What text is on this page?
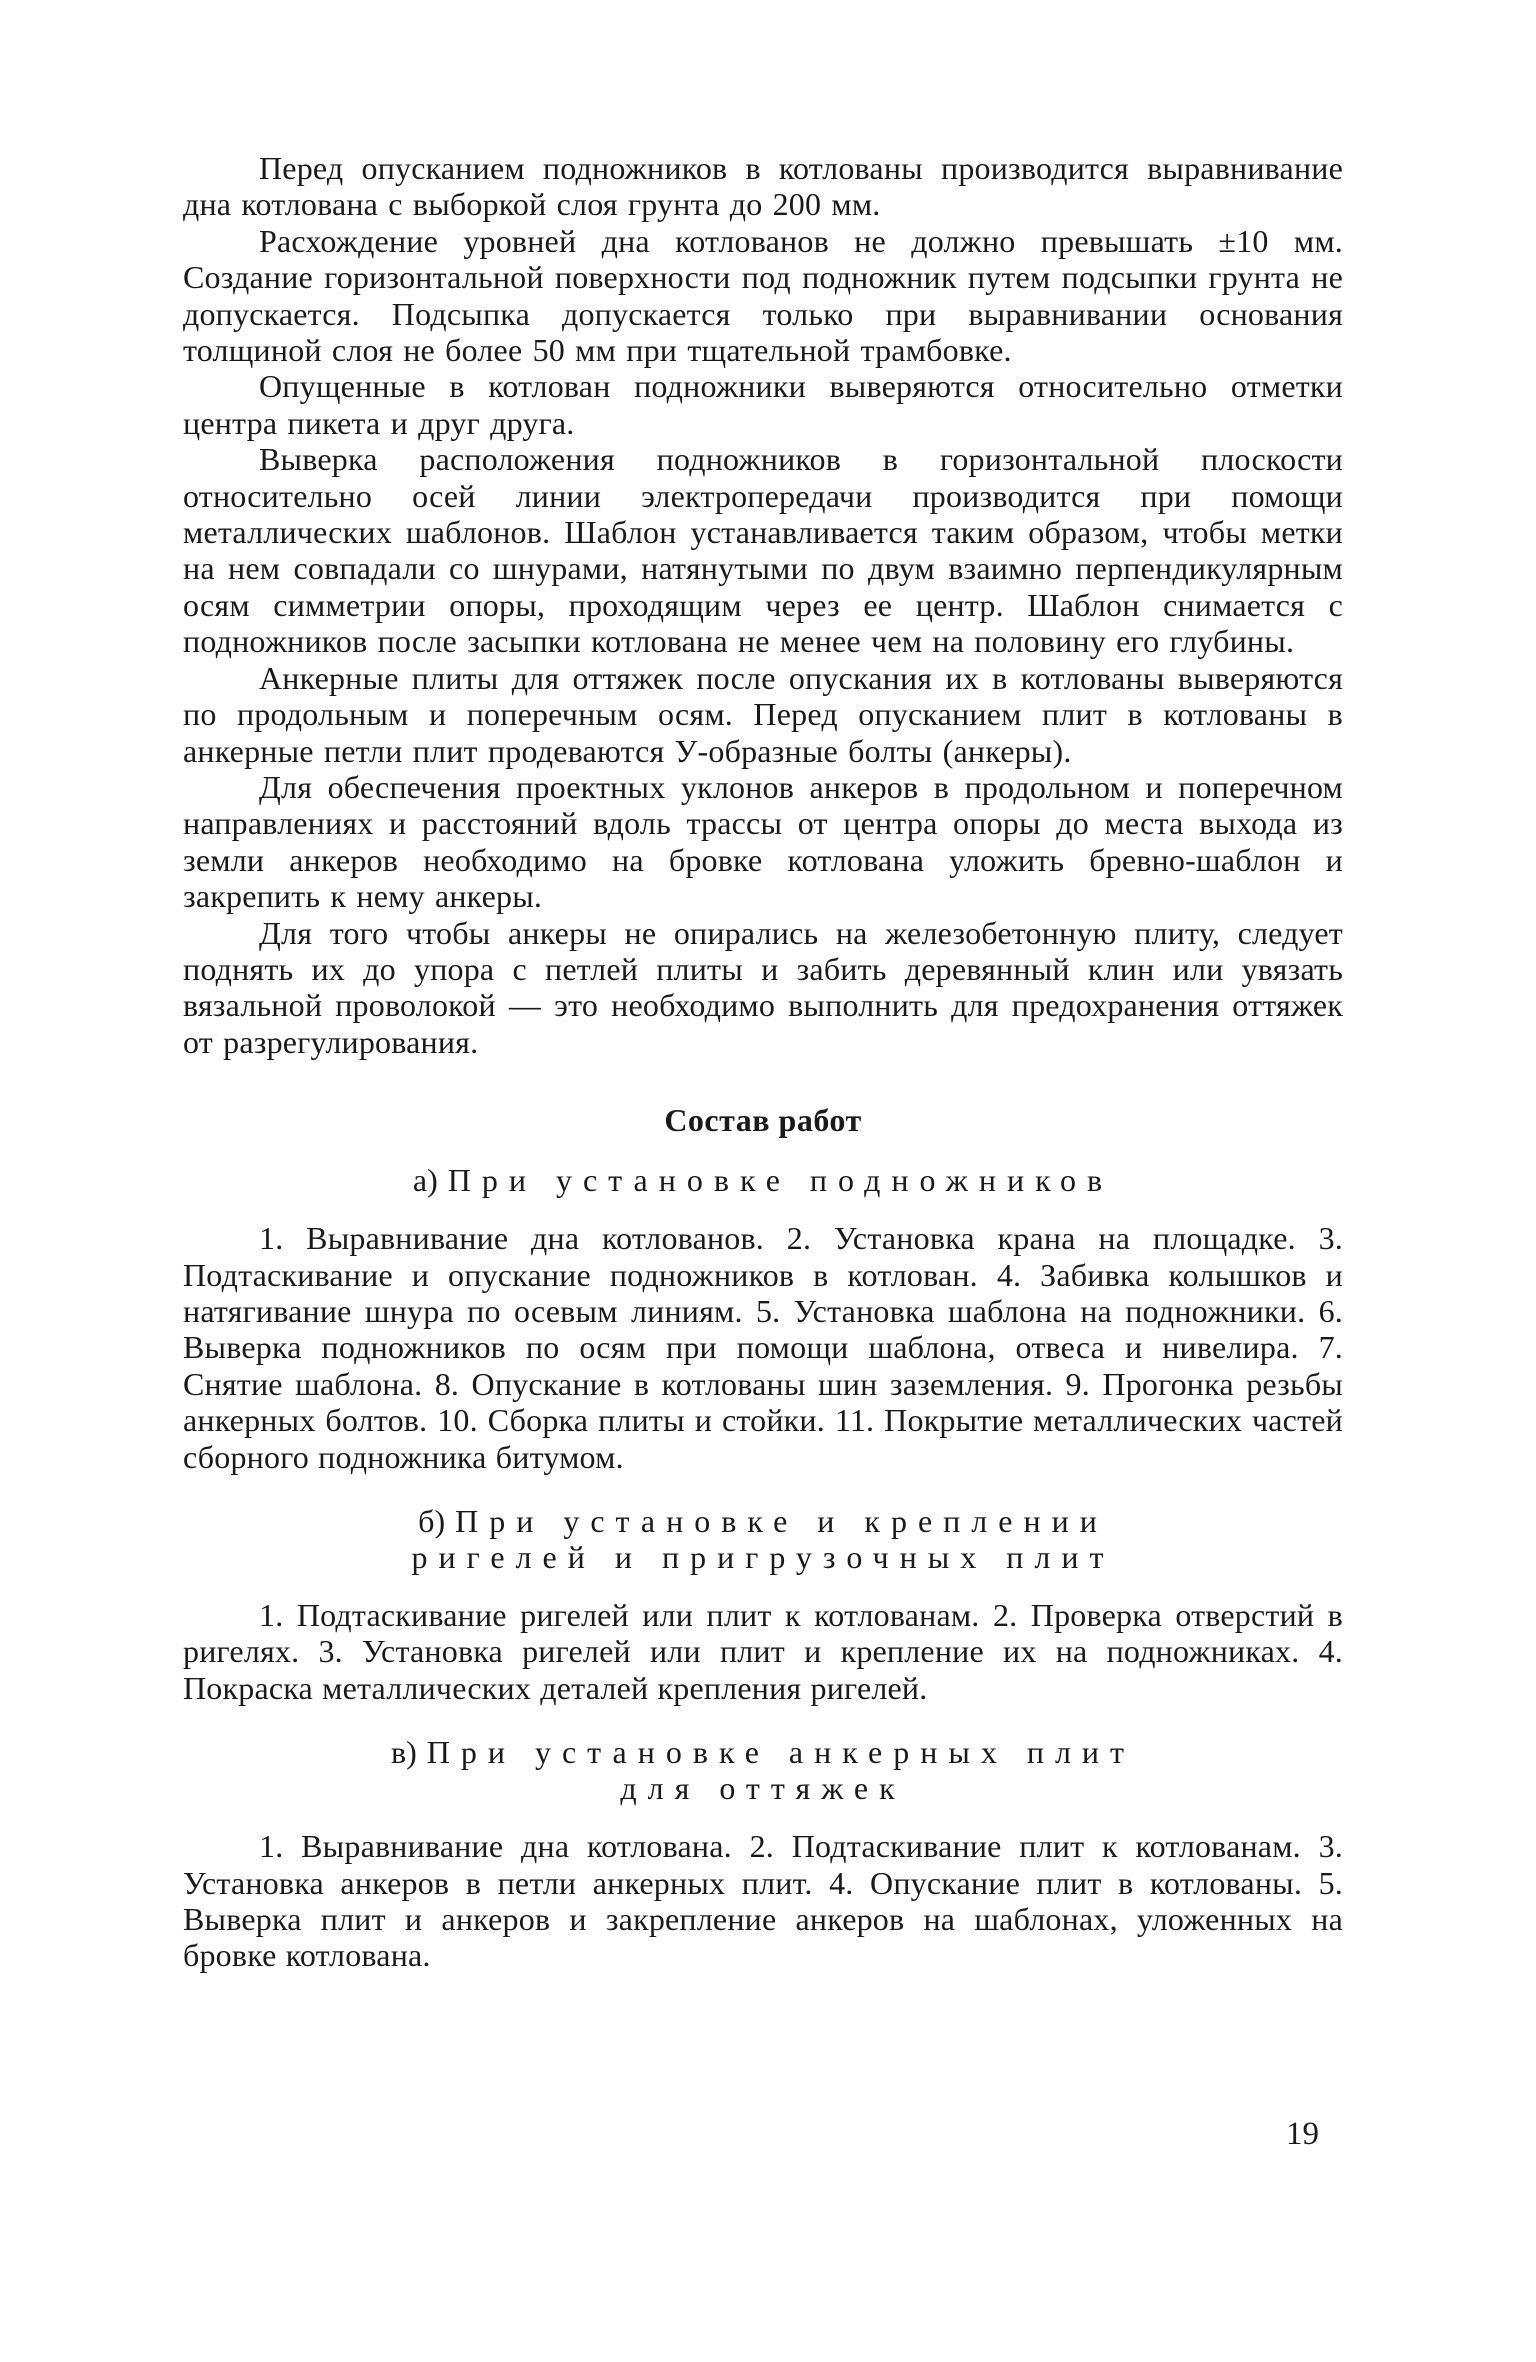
Перед опусканием подножников в котлованы производится выравнивание дна котлована с выборкой слоя грунта до 200 мм.

Расхождение уровней дна котлованов не должно превышать ±10 мм. Создание горизонтальной поверхности под подножник путем подсыпки грунта не допускается. Подсыпка допускается только при выравнивании основания толщиной слоя не более 50 мм при тщательной трамбовке.

Опущенные в котлован подножники выверяются относительно отметки центра пикета и друг друга.

Выверка расположения подножников в горизонтальной плоскости относительно осей линии электропередачи производится при помощи металлических шаблонов. Шаблон устанавливается таким образом, чтобы метки на нем совпадали со шнурами, натянутыми по двум взаимно перпендикулярным осям симметрии опоры, проходящим через ее центр. Шаблон снимается с подножников после засыпки котлована не менее чем на половину его глубины.

Анкерные плиты для оттяжек после опускания их в котлованы выверяются по продольным и поперечным осям. Перед опусканием плит в котлованы в анкерные петли плит продеваются У-образные болты (анкеры).

Для обеспечения проектных уклонов анкеров в продольном и поперечном направлениях и расстояний вдоль трассы от центра опоры до места выхода из земли анкеров необходимо на бровке котлована уложить бревно-шаблон и закрепить к нему анкеры.

Для того чтобы анкеры не опирались на железобетонную плиту, следует поднять их до упора с петлей плиты и забить деревянный клин или увязать вязальной проволокой — это необходимо выполнить для предохранения оттяжек от разрегулирования.

Состав работ
а) При установке подножников

1. Выравнивание дна котлованов. 2. Установка крана на площадке. 3. Подтаскивание и опускание подножников в котлован. 4. Забивка колышков и натягивание шнура по осевым линиям. 5. Установка шаблона на подножники. 6. Выверка подножников по осям при помощи шаблона, отвеса и нивелира. 7. Снятие шаблона. 8. Опускание в котлованы шин заземления. 9. Прогонка резьбы анкерных болтов. 10. Сборка плиты и стойки. 11. Покрытие металлических частей сборного подножника битумом.

б) При установке и креплении
ригелей и пригрузочных плит

1. Подтаскивание ригелей или плит к котлованам. 2. Проверка отверстий в ригелях. 3. Установка ригелей или плит и крепление их на подножниках. 4. Покраска металлических деталей крепления ригелей.

в) При установке анкерных плит
для оттяжек

1. Выравнивание дна котлована. 2. Подтаскивание плит к котлованам. 3. Установка анкеров в петли анкерных плит. 4. Опускание плит в котлованы. 5. Выверка плит и анкеров и закрепление анкеров на шаблонах, уложенных на бровке котлована.

19
